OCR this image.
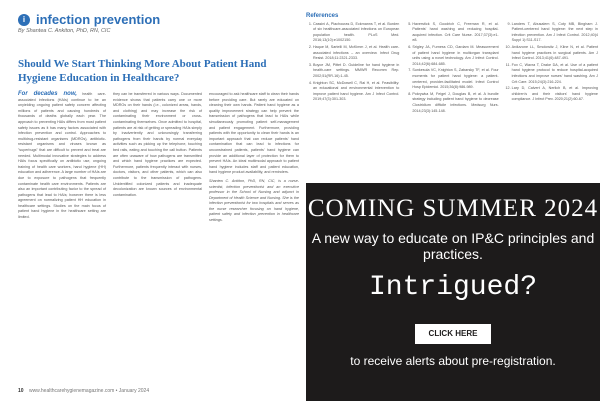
i infection prevention
By Shantea C. Ankiton, PhD, RN, CIC
Should We Start Thinking More About Patient Hand Hygiene Education in Healthcare?
For decades now, health care-associated infections (HAIs) continue to be an unyielding ongoing patient safety concern affecting millions of patients and causing hundreds of thousands of deaths globally each year. The approach to preventing HAIs differs from most patient safety issues as it has many factors associated with infection prevention and control. Approaches to multidrug-resistant organisms (MDROs), antibiotic-resistant organisms and viruses known as "superbugs" that are difficult to prevent and treat are needed. Multimodal innovative strategies to address HAIs focus specifically on antibiotic use, ongoing training of health care workers, hand hygiene (HH) education and adherence. A large number of HAIs are due to exposure to pathogens that frequently contaminate health care environments. Patients are also an important contributing factor to the spread of pathogens that lead to HAIs; however there is less agreement on normalizing patient HH education in healthcare settings. Studies on the main focus of patient hand hygiene in the healthcare setting are limited.
they can be transferred in various ways. Documented evidence shows that patients carry one or more MDROs on their hands (i.e., colonized areas, hands, and clothing) and may increase the risk of contaminating their environment or cross-contaminating themselves. Once admitted to hospital, patients are at risk of getting or spreading HAIs simply by inadvertently and unknowingly transferring pathogens from their hands by normal everyday activities such as picking up the telephone, touching bed rails, eating and touching the call button. Patients are often unaware of how pathogens are transmitted and which hand hygiene practices are expected. Furthermore, patients frequently interact with nurses, doctors, visitors, and other patients, which can also contribute to the transmission of pathogens. Unidentified colonized patients and inadequate decolonization are known sources of environmental contamination.

encouraged to ask healthcare staff to clean their hands before providing care. But rarely are educated on cleaning their own hands. Patient hand hygiene as a quality improvement strategy can help prevent the transmission of pathogens that lead to HAIs while simultaneously promoting patient self-management and patient engagement. Furthermore, providing patients with the opportunity to clean their hands is an important approach that can reduce patients' hand contamination that can lead to infections for unconstrained patients, patients' hand hygiene can provide an additional layer of protection for them to prevent HAIs. An ideal multimodal approach to patient hand hygiene includes staff and patient education, hand hygiene product availability, and reminders.

Shantea C. Ankiton, PhD, RN, CIC, is a nurse-scientist, infection preventionist and an executive professor in the School of Nursing and adjunct in Department of Health Science and Nursing. She is the infection preventionist for two hospitals and serves as the nurse researcher focusing on hand hygiene, patient safety and infection prevention in healthcare settings.

References
1. Cassini A, Plachouras D, Eckmanns T, et al. Burden of six healthcare-associated infections on European population health. PLoS Med. 2016;13(10):e1002150.
2. Haque M, Sartelli M, McKimm J, et al. Health care-associated infections – an overview. Infect Drug Resist. 2018;11:2321-2333.
3. Boyce JM, Pittet D. Guideline for hand hygiene in health-care settings. MMWR Recomm Rep. 2002;51(RR-16):1-45.
4. Knighton SC, McDowell C, Rai H, et al. Feasibility: an educational and environmental intervention to improve patient hand hygiene. Am J Infect Control. 2019;47(3):301-303.
5. Haverstick S, Goodrich C, Freeman R, et al. Patients' hand washing and reducing hospital-acquired infection. Crit Care Nurse. 2017;37(3):e1-e8.
6. Srigley JA, Furness CD, Gardam M. Measurement of patient hand hygiene in multiorgan transplant units using a novel technology. Am J Infect Control. 2014;42(6):684-685.
7. Sunkesula VC, Knighton S, Zabarsky TF, et al. Four moments for patient hand hygiene: a patient-centered, provider-facilitated model. Infect Control Hosp Epidemiol. 2015;36(8):986-989.
8. Pokrywka M, Feigel J, Douglas B, et al. A bundle strategy including patient hand hygiene to decrease Clostridium difficile infections. Medsurg Nurs. 2014;23(3):145-148.
9. Landers T, Abusalem S, Coty MB, Bingham J. Patient-centered hand hygiene: the next step in infection prevention. Am J Infect Control. 2012;40(4 Suppl 1):S11-S17.
10. Ardizzone LL, Smolowitz J, Kline N, et al. Patient hand hygiene practices in surgical patients. Am J Infect Control. 2013;41(6):487-491.
11. Fox C, Wavra T, Drake DA, et al. Use of a patient hand hygiene protocol to reduce hospital-acquired infections and improve nurses' hand washing. Am J Crit Care. 2015;24(3):216-224.
12. Lary D, Calvert A, Nerlich B, et al. Improving children's and their visitors' hand hygiene compliance. J Infect Prev. 2020;21(2):60-67.
COMING SUMMER 2024
A new way to educate on IP&C principles and practices.
Intrigued?
CLICK HERE
to receive alerts about pre-registration.
10 www.healthcarehygienemagazine.com • January 2024
